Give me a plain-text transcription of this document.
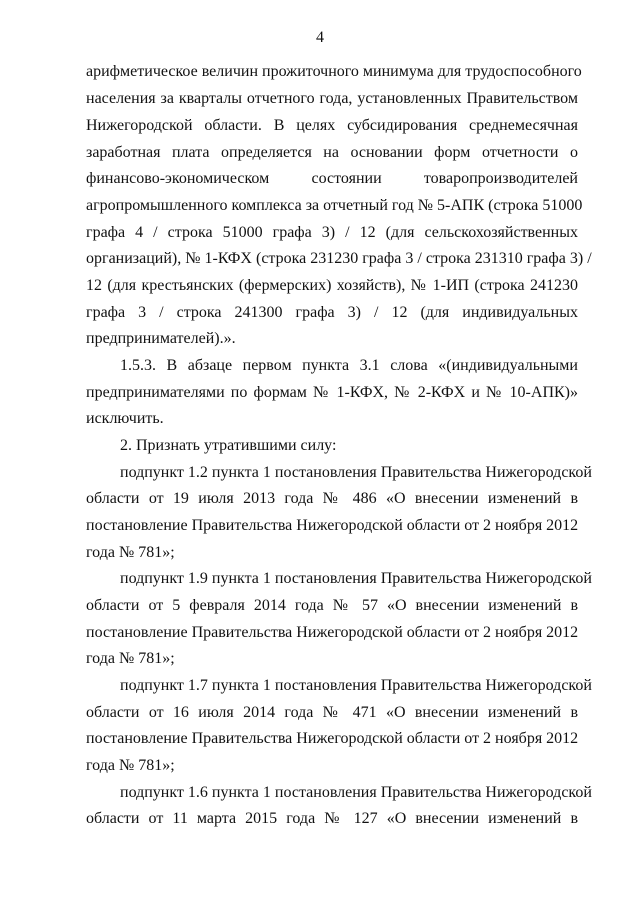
4
арифметическое величин прожиточного минимума для трудоспособного
населения за кварталы отчетного года, установленных Правительством
Нижегородской области. В целях субсидирования среднемесячная
заработная плата определяется на основании форм отчетности о
финансово-экономическом состоянии товаропроизводителей
агропромышленного комплекса за отчетный год № 5-АПК (строка 51000
графа 4 / строка 51000 графа 3) / 12 (для сельскохозяйственных
организаций), № 1-КФХ (строка 231230 графа 3 / строка 231310 графа 3) /
12 (для крестьянских (фермерских) хозяйств), № 1-ИП (строка 241230
графа 3 / строка 241300 графа 3) / 12 (для индивидуальных
предпринимателей).».
1.5.3. В абзаце первом пункта 3.1 слова «(индивидуальными
предпринимателями по формам № 1-КФХ, № 2-КФХ и № 10-АПК)»
исключить.
2. Признать утратившими силу:
подпункт 1.2 пункта 1 постановления Правительства Нижегородской
области от 19 июля 2013 года № 486 «О внесении изменений в
постановление Правительства Нижегородской области от 2 ноября 2012
года № 781»;
подпункт 1.9 пункта 1 постановления Правительства Нижегородской
области от 5 февраля 2014 года № 57 «О внесении изменений в
постановление Правительства Нижегородской области от 2 ноября 2012
года № 781»;
подпункт 1.7 пункта 1 постановления Правительства Нижегородской
области от 16 июля 2014 года № 471 «О внесении изменений в
постановление Правительства Нижегородской области от 2 ноября 2012
года № 781»;
подпункт 1.6 пункта 1 постановления Правительства Нижегородской
области от 11 марта 2015 года № 127 «О внесении изменений в
